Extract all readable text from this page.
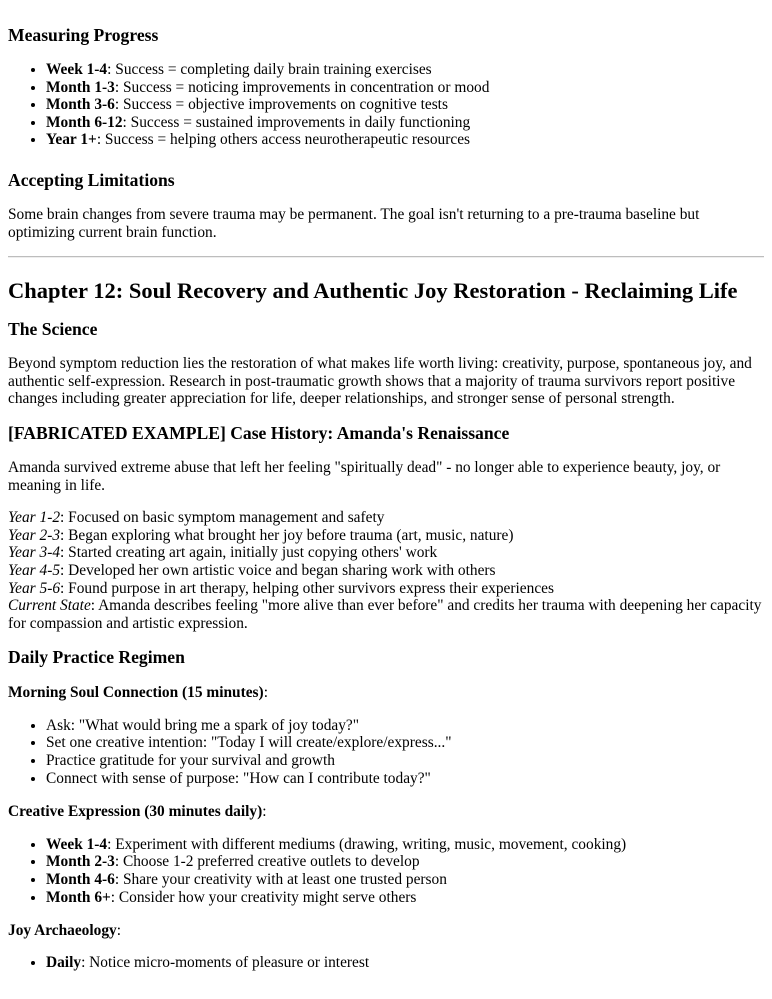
Measuring Progress
• Week 1-4: Success = completing daily brain training exercises
• Month 1-3: Success = noticing improvements in concentration or mood
• Month 3-6: Success = objective improvements on cognitive tests
• Month 6-12: Success = sustained improvements in daily functioning
• Year 1+: Success = helping others access neurotherapeutic resources
Accepting Limitations

Some brain changes from severe trauma may be permanent. The goal isn't returning to a pre-trauma baseline but optimizing current brain function.

Chapter 12: Soul Recovery and Authentic Joy Restoration - Reclaiming Life
The Science

Beyond symptom reduction lies the restoration of what makes life worth living: creativity, purpose, spontaneous joy, and authentic self-expression. Research in post-traumatic growth shows that a majority of trauma survivors report positive changes including greater appreciation for life, deeper relationships, and stronger sense of personal strength.

[FABRICATED EXAMPLE] Case History: Amanda's Renaissance

Amanda survived extreme abuse that left her feeling "spiritually dead" - no longer able to experience beauty, joy, or meaning in life.

Year 1-2: Focused on basic symptom management and safety
Year 2-3: Began exploring what brought her joy before trauma (art, music, nature)
Year 3-4: Started creating art again, initially just copying others' work
Year 4-5: Developed her own artistic voice and began sharing work with others
Year 5-6: Found purpose in art therapy, helping other survivors express their experiences
Current State: Amanda describes feeling "more alive than ever before" and credits her trauma with deepening her capacity for compassion and artistic expression.

Daily Practice Regimen
Morning Soul Connection (15 minutes):
• Ask: "What would bring me a spark of joy today?"
• Set one creative intention: "Today I will create/explore/express..."
• Practice gratitude for your survival and growth
• Connect with sense of purpose: "How can I contribute today?"
Creative Expression (30 minutes daily):
• Week 1-4: Experiment with different mediums (drawing, writing, music, movement, cooking)
• Month 2-3: Choose 1-2 preferred creative outlets to develop
• Month 4-6: Share your creativity with at least one trusted person
• Month 6+: Consider how your creativity might serve others
Joy Archaeology:
• Daily: Notice micro-moments of pleasure or interest
